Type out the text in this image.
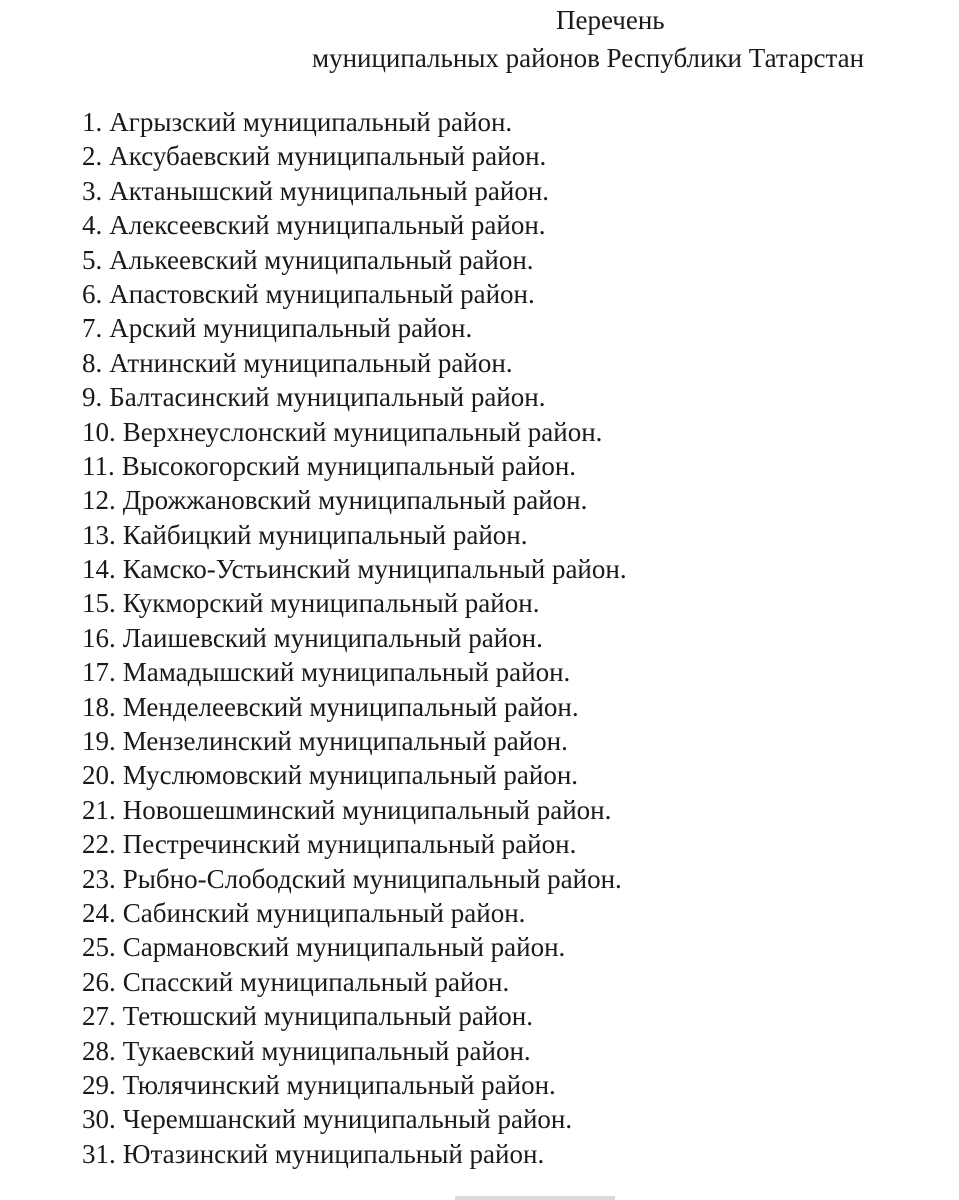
Перечень
муниципальных районов Республики Татарстан
1. Агрызский муниципальный район.
2. Аксубаевский муниципальный район.
3. Актанышский муниципальный район.
4. Алексеевский муниципальный район.
5. Алькеевский муниципальный район.
6. Апастовский муниципальный район.
7. Арский муниципальный район.
8. Атнинский муниципальный район.
9. Балтасинский муниципальный район.
10. Верхнеуслонский муниципальный район.
11. Высокогорский муниципальный район.
12. Дрожжановский муниципальный район.
13. Кайбицкий муниципальный район.
14. Камско-Устьинский муниципальный район.
15. Кукморский муниципальный район.
16. Лаишевский муниципальный район.
17. Мамадышский муниципальный район.
18. Менделеевский муниципальный район.
19. Мензелинский муниципальный район.
20. Муслюмовский муниципальный район.
21. Новошешминский муниципальный район.
22. Пестречинский муниципальный район.
23. Рыбно-Слободский муниципальный район.
24. Сабинский муниципальный район.
25. Сармановский муниципальный район.
26. Спасский муниципальный район.
27. Тетюшский муниципальный район.
28. Тукаевский муниципальный район.
29. Тюлячинский муниципальный район.
30. Черемшанский муниципальный район.
31. Ютазинский муниципальный район.
